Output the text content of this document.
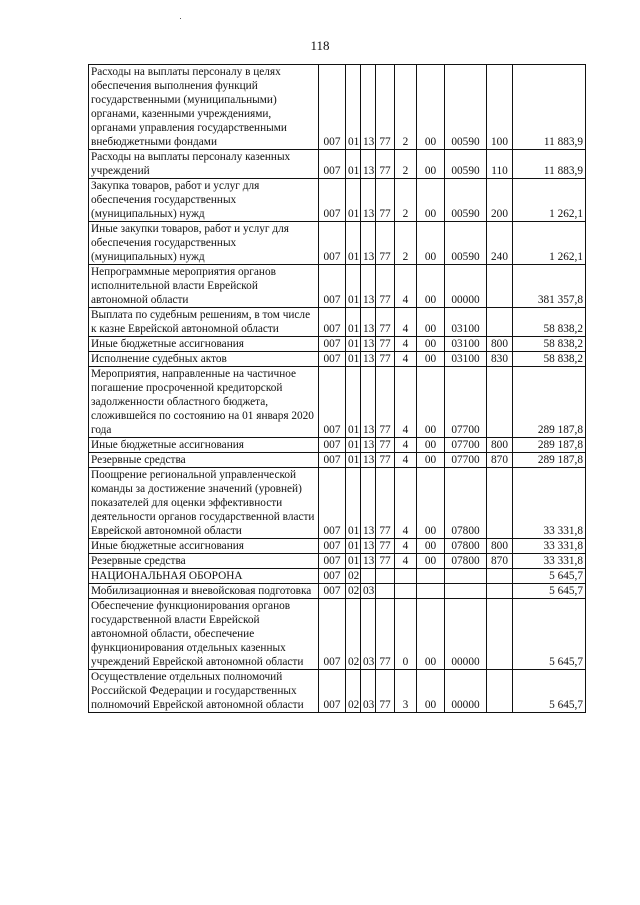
118
Расходы на выплаты персоналу в целях обеспечения выполнения функций государственными (муниципальными) органами, казенными учреждениями, органами управления государственными внебюджетными фондами	007	01	13	77	2	00	00590	100	11 883,9
Расходы на выплаты персоналу казенных учреждений	007	01	13	77	2	00	00590	110	11 883,9
Закупка товаров, работ и услуг для обеспечения государственных (муниципальных) нужд	007	01	13	77	2	00	00590	200	1 262,1
Иные закупки товаров, работ и услуг для обеспечения государственных (муниципальных) нужд	007	01	13	77	2	00	00590	240	1 262,1
Непрограммные мероприятия органов исполнительной власти Еврейской автономной области	007	01	13	77	4	00	00000		381 357,8
Выплата по судебным решениям, в том числе к казне Еврейской автономной области	007	01	13	77	4	00	03100		58 838,2
Иные бюджетные ассигнования	007	01	13	77	4	00	03100	800	58 838,2
Исполнение судебных актов	007	01	13	77	4	00	03100	830	58 838,2
Мероприятия, направленные на частичное погашение просроченной кредиторской задолженности областного бюджета, сложившейся по состоянию на 01 января 2020 года	007	01	13	77	4	00	07700		289 187,8
Иные бюджетные ассигнования	007	01	13	77	4	00	07700	800	289 187,8
Резервные средства	007	01	13	77	4	00	07700	870	289 187,8
Поощрение региональной управленческой команды за достижение значений (уровней) показателей для оценки эффективности деятельности органов государственной власти Еврейской автономной области	007	01	13	77	4	00	07800		33 331,8
Иные бюджетные ассигнования	007	01	13	77	4	00	07800	800	33 331,8
Резервные средства	007	01	13	77	4	00	07800	870	33 331,8
НАЦИОНАЛЬНАЯ ОБОРОНА	007	02							5 645,7
Мобилизационная и вневойсковая подготовка	007	02	03						5 645,7
Обеспечение функционирования органов государственной власти Еврейской автономной области, обеспечение функционирования отдельных казенных учреждений Еврейской автономной области	007	02	03	77	0	00	00000		5 645,7
Осуществление отдельных полномочий Российской Федерации и государственных полномочий Еврейской автономной области	007	02	03	77	3	00	00000		5 645,7
